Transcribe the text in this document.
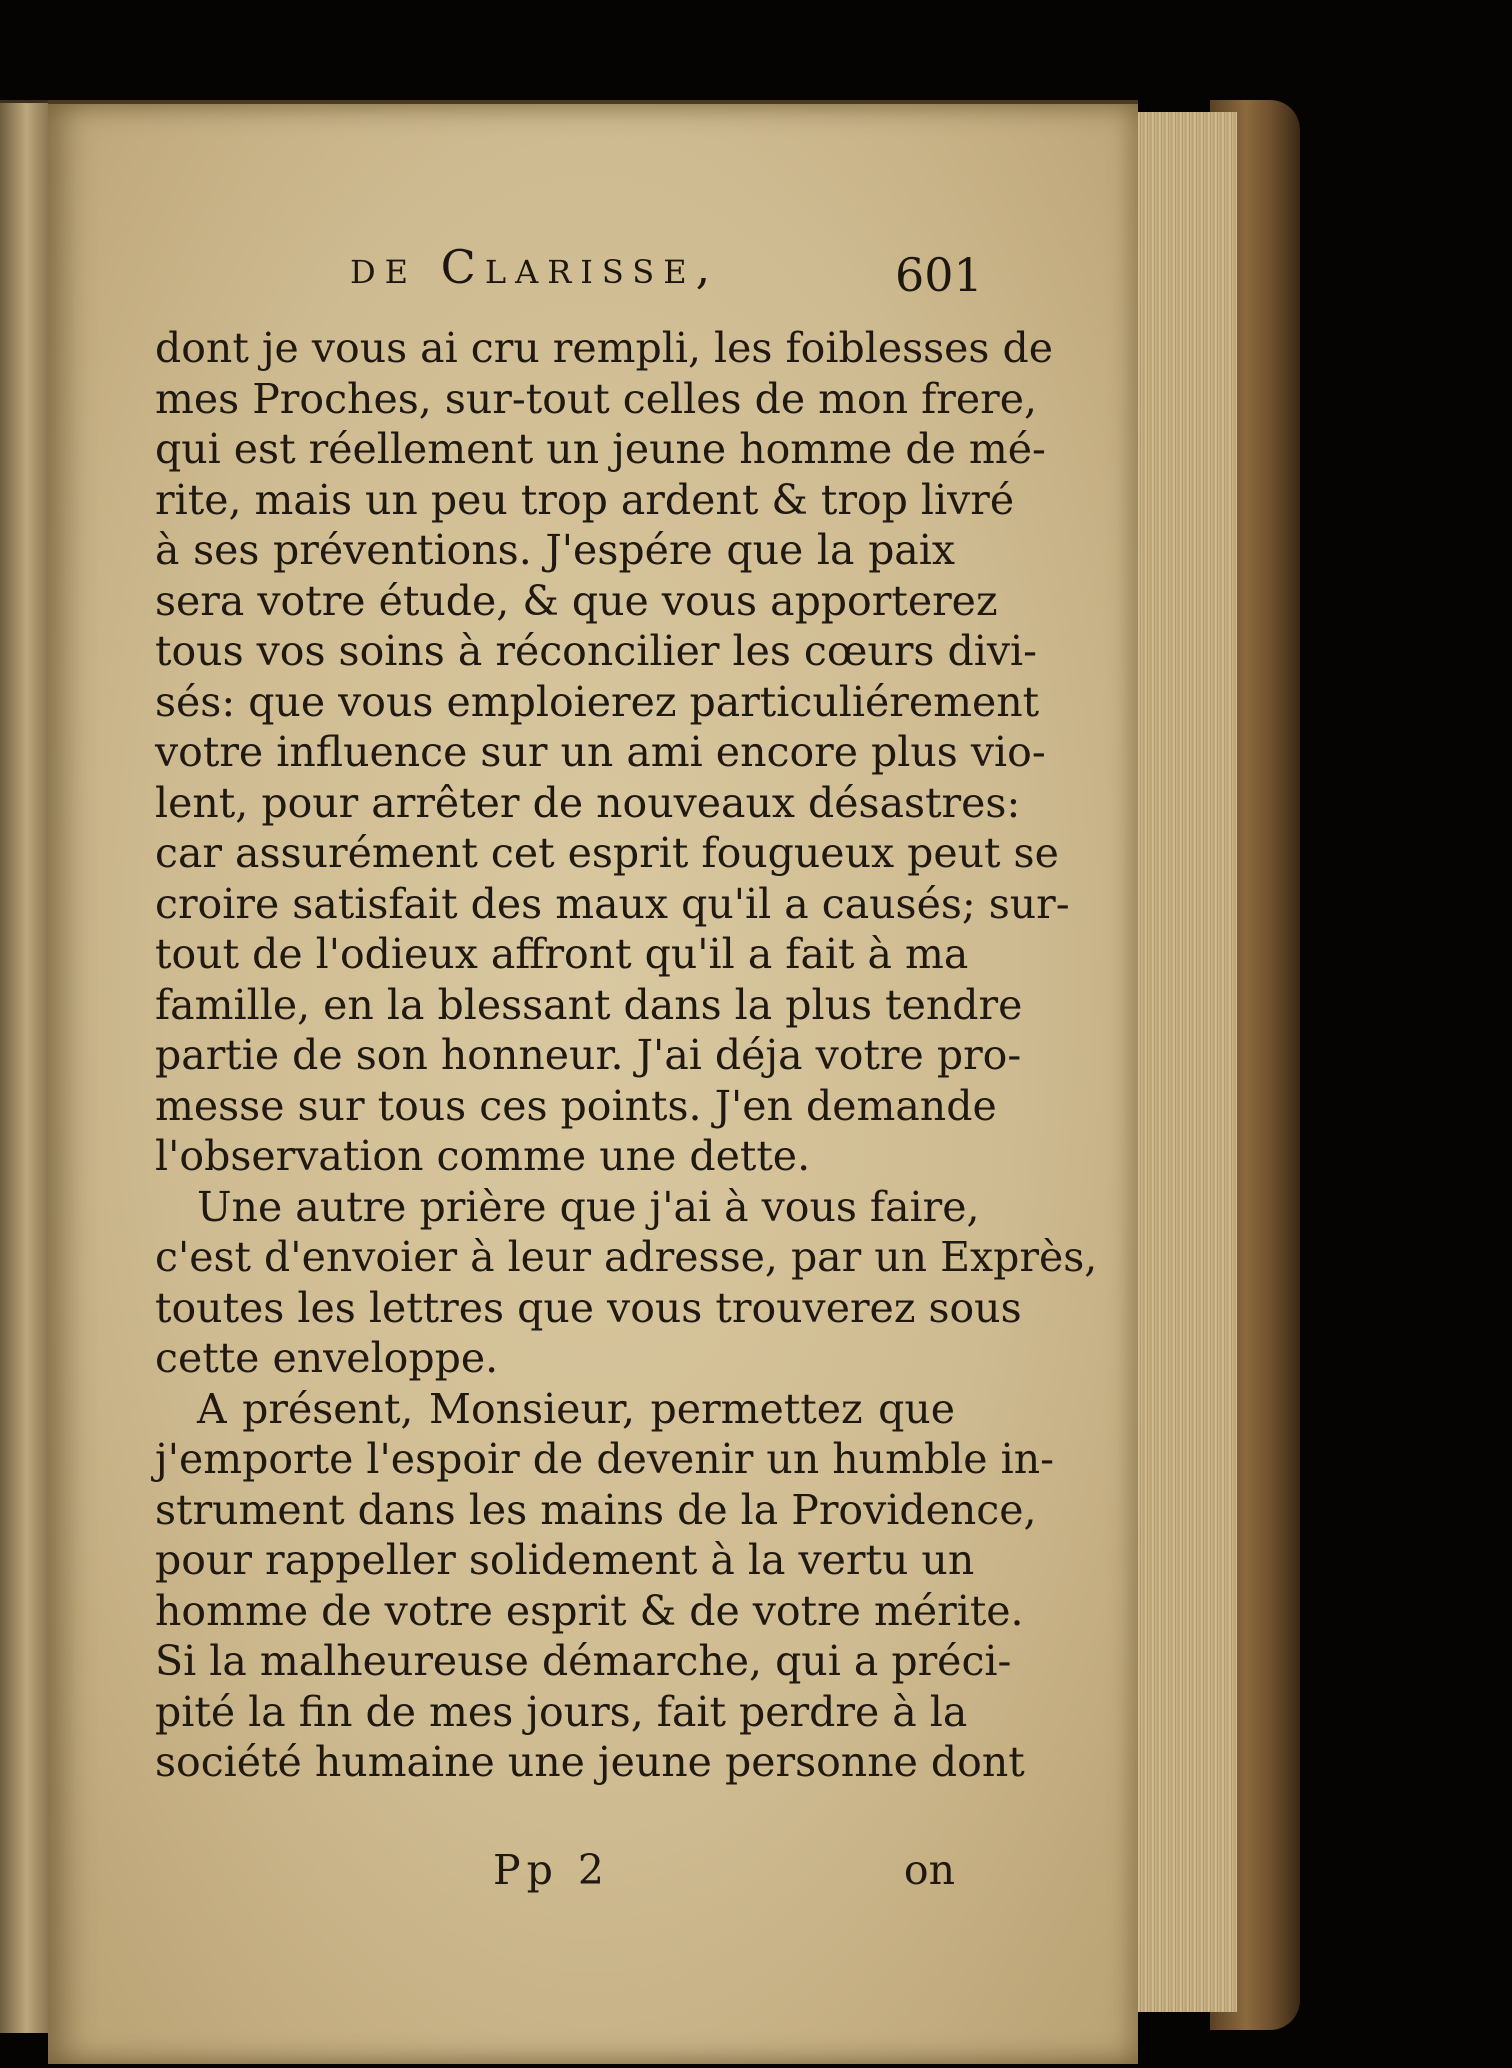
de Clarisse,	601
dont je vous ai cru rempli, les foiblesses de
mes Proches, sur-tout celles de mon frere,
qui est réellement un jeune homme de mé-
rite, mais un peu trop ardent & trop livré
à ses préventions. J'espére que la paix
sera votre étude, & que vous apporterez
tous vos soins à réconcilier les cœurs divi-
sés: que vous emploierez particuliérement
votre influence sur un ami encore plus vio-
lent, pour arrêter de nouveaux désastres:
car assurément cet esprit fougueux peut se
croire satisfait des maux qu'il a causés; sur-
tout de l'odieux affront qu'il a fait à ma
famille, en la blessant dans la plus tendre
partie de son honneur. J'ai déja votre pro-
messe sur tous ces points. J'en demande
l'observation comme une dette.
Une autre prière que j'ai à vous faire,
c'est d'envoier à leur adresse, par un Exprès,
toutes les lettres que vous trouverez sous
cette enveloppe.
A présent, Monsieur, permettez que
j'emporte l'espoir de devenir un humble in-
strument dans les mains de la Providence,
pour rappeller solidement à la vertu un
homme de votre esprit & de votre mérite.
Si la malheureuse démarche, qui a préci-
pité la fin de mes jours, fait perdre à la
société humaine une jeune personne dont
Pp 2	on
